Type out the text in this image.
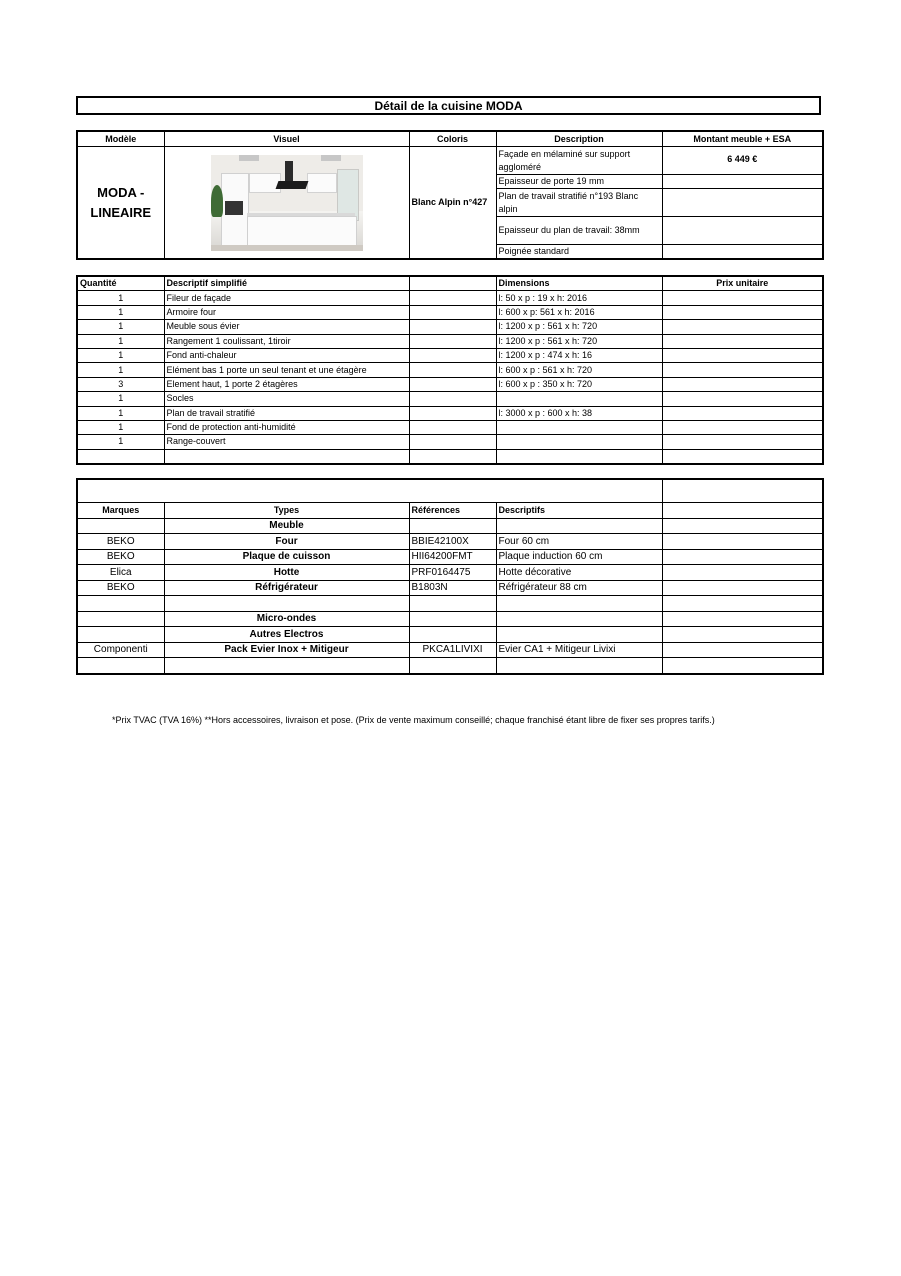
Détail de la cuisine MODA
Modèle	Visuel	Coloris	Description	Montant meuble + ESA
MODA - LINEAIRE		Blanc Alpin n°427	Façade en mélaminé sur support aggloméré	6 449 €
			Epaisseur de porte 19 mm	
			Plan de travail stratifié n°193 Blanc alpin	
			Epaisseur du plan de travail: 38mm	
			Poignée standard	
Quantité	Descriptif simplifié		Dimensions	Prix unitaire
1	Fileur de façade		l: 50 x p : 19 x h: 2016	
1	Armoire four		l: 600 x p: 561 x h: 2016	
1	Meuble sous évier		l: 1200 x p : 561 x h: 720	
1	Rangement 1 coulissant, 1tiroir		l: 1200 x p : 561 x h: 720	
1	Fond anti-chaleur		l: 1200 x p : 474 x h: 16	
1	Elément bas 1 porte un seul tenant et une étagère		l: 600 x p : 561 x h: 720	
3	Element haut, 1 porte 2 étagères		l: 600 x p : 350 x h: 720	
1	Socles			
1	Plan de travail stratifié		l: 3000 x p : 600 x h: 38	
1	Fond de protection anti-humidité			
1	Range-couvert			

Marques	Types	Références	Descriptifs	
	Meuble			
BEKO	Four	BBIE42100X	Four 60 cm	
BEKO	Plaque de cuisson	HII64200FMT	Plaque induction 60 cm	
Elica	Hotte	PRF0164475	Hotte décorative	
BEKO	Réfrigérateur	B1803N	Réfrigérateur 88 cm	

	Micro-ondes			
	Autres Electros			
Componenti	Pack Evier Inox + Mitigeur	PKCA1LIVIXI	Evier CA1 + Mitigeur Livixi	

*Prix TVAC (TVA 16%) **Hors accessoires, livraison et pose. (Prix de vente maximum conseillé; chaque franchisé étant libre de fixer ses propres tarifs.)
